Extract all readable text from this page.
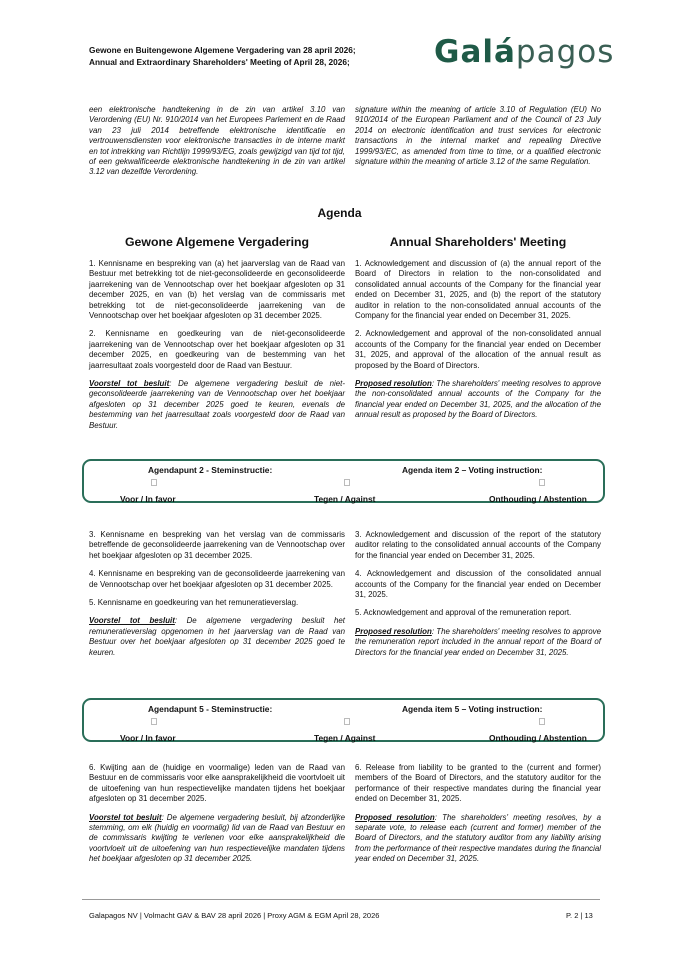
Gewone en Buitengewone Algemene Vergadering van 28 april 2026;
Annual and Extraordinary Shareholders' Meeting of April 28, 2026;	Galápagos
een elektronische handtekening in de zin van artikel 3.10 van Verordening (EU) Nr. 910/2014 van het Europees Parlement en de Raad van 23 juli 2014 betreffende elektronische identificatie en vertrouwensdiensten voor elektronische transacties in de interne markt en tot intrekking van Richtlijn 1999/93/EG, zoals gewijzigd van tijd tot tijd, of een gekwalificeerde elektronische handtekening in de zin van artikel 3.12 van dezelfde Verordening.
signature within the meaning of article 3.10 of Regulation (EU) No 910/2014 of the European Parliament and of the Council of 23 July 2014 on electronic identification and trust services for electronic transactions in the internal market and repealing Directive 1999/93/EC, as amended from time to time, or a qualified electronic signature within the meaning of article 3.12 of the same Regulation.
Agenda
Gewone Algemene Vergadering	Annual Shareholders' Meeting

1. Kennisname en bespreking van (a) het jaarverslag van de Raad van Bestuur met betrekking tot de niet-geconsolideerde en geconsolideerde jaarrekening van de Vennootschap over het boekjaar afgesloten op 31 december 2025, en van (b) het verslag van de commissaris met betrekking tot de niet-geconsolideerde jaarrekening van de Vennootschap over het boekjaar afgesloten op 31 december 2025.

2. Kennisname en goedkeuring van de niet-geconsolideerde jaarrekening van de Vennootschap over het boekjaar afgesloten op 31 december 2025, en goedkeuring van de bestemming van het jaarresultaat zoals voorgesteld door de Raad van Bestuur.

Voorstel tot besluit: De algemene vergadering besluit de niet-geconsolideerde jaarrekening van de Vennootschap over het boekjaar afgesloten op 31 december 2025 goed te keuren, evenals de bestemming van het jaarresultaat zoals voorgesteld door de Raad van Bestuur.

1. Acknowledgement and discussion of (a) the annual report of the Board of Directors in relation to the non-consolidated and consolidated annual accounts of the Company for the financial year ended on December 31, 2025, and (b) the report of the statutory auditor in relation to the non-consolidated annual accounts of the Company for the financial year ended on December 31, 2025.

2. Acknowledgement and approval of the non-consolidated annual accounts of the Company for the financial year ended on December 31, 2025, and approval of the allocation of the annual result as proposed by the Board of Directors.

Proposed resolution: The shareholders' meeting resolves to approve the non-consolidated annual accounts of the Company for the financial year ended on December 31, 2025, and the allocation of the annual result as proposed by the Board of Directors.

Agendapunt 2 - Steminstructie:	Agenda item 2 – Voting instruction:
Voor / In favor	Tegen / Against	Onthouding / Abstention

3. Kennisname en bespreking van het verslag van de commissaris betreffende de geconsolideerde jaarrekening van de Vennootschap over het boekjaar afgesloten op 31 december 2025.

4. Kennisname en bespreking van de geconsolideerde jaarrekening van de Vennootschap over het boekjaar afgesloten op 31 december 2025.

5. Kennisname en goedkeuring van het remuneratieverslag.

Voorstel tot besluit: De algemene vergadering besluit het remuneratieverslag opgenomen in het jaarverslag van de Raad van Bestuur over het boekjaar afgesloten op 31 december 2025 goed te keuren.

3. Acknowledgement and discussion of the report of the statutory auditor relating to the consolidated annual accounts of the Company for the financial year ended on December 31, 2025.

4. Acknowledgement and discussion of the consolidated annual accounts of the Company for the financial year ended on December 31, 2025.

5. Acknowledgement and approval of the remuneration report.

Proposed resolution: The shareholders' meeting resolves to approve the remuneration report included in the annual report of the Board of Directors for the financial year ended on December 31, 2025.

Agendapunt 5 - Steminstructie:	Agenda item 5 – Voting instruction:
Voor / In favor	Tegen / Against	Onthouding / Abstention

6. Kwijting aan de (huidige en voormalige) leden van de Raad van Bestuur en de commissaris voor elke aansprakelijkheid die voortvloeit uit de uitoefening van hun respectievelijke mandaten tijdens het boekjaar afgesloten op 31 december 2025.

Voorstel tot besluit: De algemene vergadering besluit, bij afzonderlijke stemming, om elk (huidig en voormalig) lid van de Raad van Bestuur en de commissaris kwijting te verlenen voor elke aansprakelijkheid die voortvloeit uit de uitoefening van hun respectievelijke mandaten tijdens het boekjaar afgesloten op 31 december 2025.

6. Release from liability to be granted to the (current and former) members of the Board of Directors, and the statutory auditor for the performance of their respective mandates during the financial year ended on December 31, 2025.

Proposed resolution: The shareholders' meeting resolves, by a separate vote, to release each (current and former) member of the Board of Directors, and the statutory auditor from any liability arising from the performance of their respective mandates during the financial year ended on December 31, 2025.

Galapagos NV | Volmacht GAV & BAV 28 april 2026 | Proxy AGM & EGM April 28, 2026	P. 2 | 13
